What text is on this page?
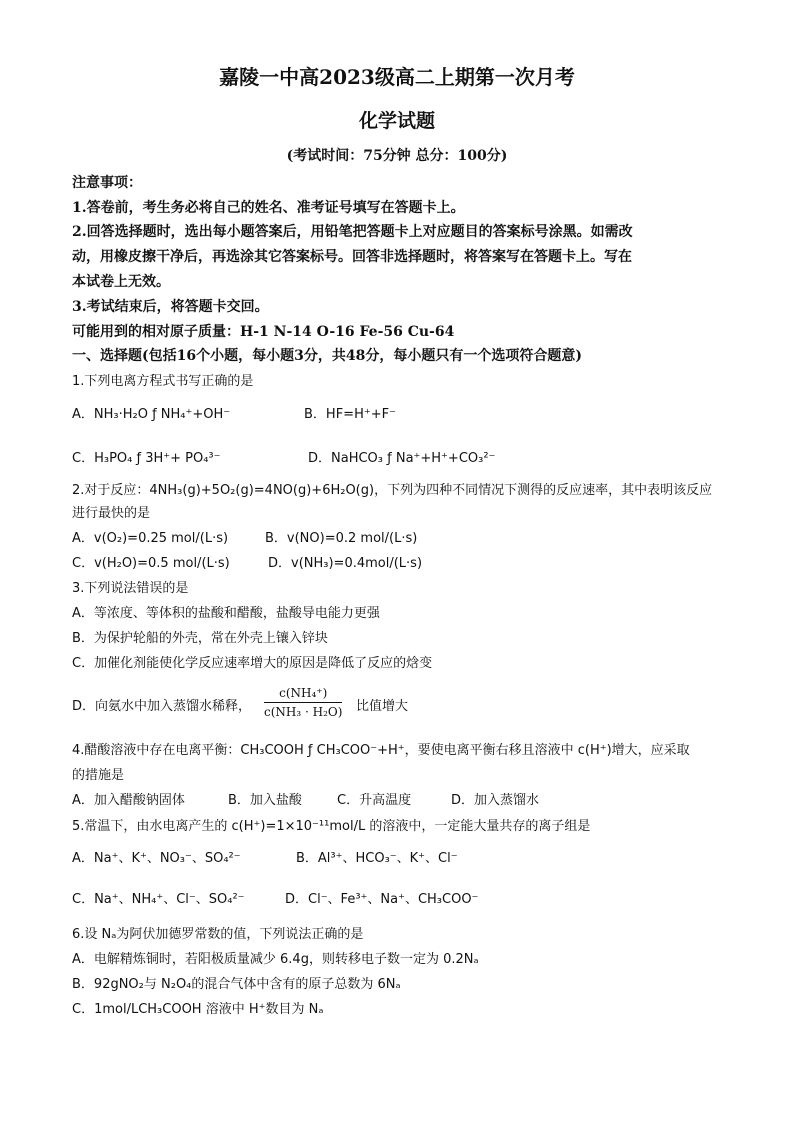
嘉陵一中高2023级高二上期第一次月考
化学试题
(考试时间：75分钟 总分：100分)
注意事项：
1.答卷前，考生务必将自己的姓名、准考证号填写在答题卡上。
2.回答选择题时，选出每小题答案后，用铅笔把答题卡上对应题目的答案标号涂黑。如需改
动，用橡皮擦干净后，再选涂其它答案标号。回答非选择题时，将答案写在答题卡上。写在
本试卷上无效。
3.考试结束后，将答题卡交回。
可能用到的相对原子质量：H-1 N-14 O-16 Fe-56 Cu-64
一、选择题(包括16个小题，每小题3分，共48分，每小题只有一个选项符合题意)
1.下列电离方程式书写正确的是
A．NH₃·H₂O ƒ NH₄⁺+OH⁻	B．HF=H⁺+F⁻
C．H₃PO₄ ƒ 3H⁺+ PO₄³⁻	D．NaHCO₃ ƒ Na⁺+H⁺+CO₃²⁻
2.对于反应：4NH₃(g)+5O₂(g)=4NO(g)+6H₂O(g)，下列为四种不同情况下测得的反应速率，其中表明该反应
进行最快的是
A．v(O₂)=0.25 mol/(L·s)	B．v(NO)=0.2 mol/(L·s)
C．v(H₂O)=0.5 mol/(L·s)	D．v(NH₃)=0.4mol/(L·s)
3.下列说法错误的是
A．等浓度、等体积的盐酸和醋酸，盐酸导电能力更强
B．为保护轮船的外壳，常在外壳上镶入锌块
C．加催化剂能使化学反应速率增大的原因是降低了反应的焓变
D．向氨水中加入蒸馏水稀释， $\frac{\text{c(NH₄⁺)}}{\text{c(NH₃ · H₂O)}}$ 比值增大
4.醋酸溶液中存在电离平衡：CH₃COOH ƒ CH₃COO⁻+H⁺，要使电离平衡右移且溶液中 c(H⁺)增大，应采取
的措施是
A．加入醋酸钠固体	B．加入盐酸	C．升高温度	D．加入蒸馏水
5.常温下，由水电离产生的 c(H⁺)=1×10⁻¹¹mol/L 的溶液中，一定能大量共存的离子组是
A．Na⁺、K⁺、NO₃⁻、SO₄²⁻	B．Al³⁺、HCO₃⁻、K⁺、Cl⁻
C．Na⁺、NH₄⁺、Cl⁻、SO₄²⁻	D．Cl⁻、Fe³⁺、Na⁺、CH₃COO⁻
6.设 Nₐ为阿伏加德罗常数的值，下列说法正确的是
A．电解精炼铜时，若阳极质量减少 6.4g，则转移电子数一定为 0.2Nₐ
B．92gNO₂与 N₂O₄的混合气体中含有的原子总数为 6Nₐ
C．1mol/LCH₃COOH 溶液中 H⁺数目为 Nₐ
